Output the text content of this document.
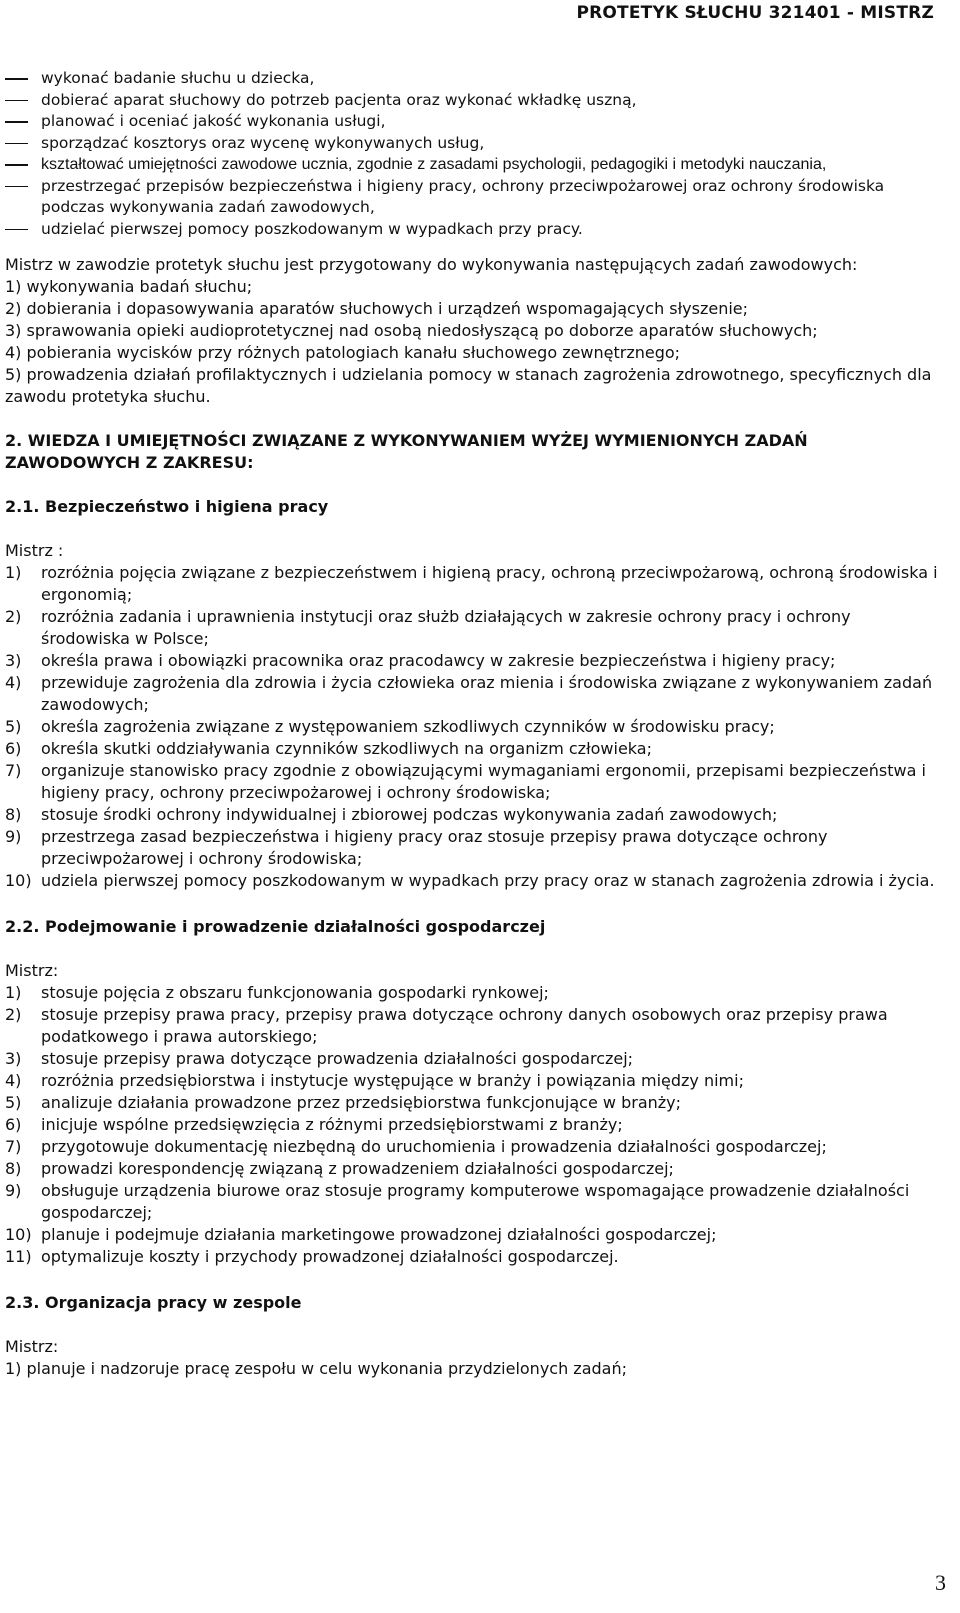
PROTETYK SŁUCHU 321401 - MISTRZ
wykonać badanie słuchu u dziecka,
dobierać aparat słuchowy do potrzeb pacjenta oraz wykonać wkładkę uszną,
planować i oceniać jakość wykonania usługi,
sporządzać kosztorys oraz wycenę wykonywanych usług,
kształtować umiejętności zawodowe ucznia, zgodnie z zasadami psychologii, pedagogiki i metodyki nauczania,
przestrzegać przepisów bezpieczeństwa i higieny pracy, ochrony przeciwpożarowej oraz ochrony środowiska podczas wykonywania zadań zawodowych,
udzielać pierwszej pomocy poszkodowanym w wypadkach przy pracy.

Mistrz w zawodzie protetyk słuchu jest przygotowany do wykonywania następujących zadań zawodowych:

1) wykonywania badań słuchu;
2) dobierania i dopasowywania aparatów słuchowych i urządzeń wspomagających słyszenie;
3) sprawowania opieki audioprotetycznej nad osobą niedosłyszącą po doborze aparatów słuchowych;
4) pobierania wycisków przy różnych patologiach kanału słuchowego zewnętrznego;
5) prowadzenia działań profilaktycznych i udzielania pomocy w stanach zagrożenia zdrowotnego, specyficznych dla zawodu protetyka słuchu.
2. WIEDZA I UMIEJĘTNOŚCI ZWIĄZANE Z WYKONYWANIEM WYŻEJ WYMIENIONYCH ZADAŃ ZAWODOWYCH Z ZAKRESU:
2.1. Bezpieczeństwo i higiena pracy

Mistrz :

1) rozróżnia pojęcia związane z bezpieczeństwem i higieną pracy, ochroną przeciwpożarową, ochroną środowiska i ergonomią;
2) rozróżnia zadania i uprawnienia instytucji oraz służb działających w zakresie ochrony pracy i ochrony środowiska w Polsce;
3) określa prawa i obowiązki pracownika oraz pracodawcy w zakresie bezpieczeństwa i higieny pracy;
4) przewiduje zagrożenia dla zdrowia i życia człowieka oraz mienia i środowiska związane z wykonywaniem zadań zawodowych;
5) określa zagrożenia związane z występowaniem szkodliwych czynników w środowisku pracy;
6) określa skutki oddziaływania czynników szkodliwych na organizm człowieka;
7) organizuje stanowisko pracy zgodnie z obowiązującymi wymaganiami ergonomii, przepisami bezpieczeństwa i higieny pracy, ochrony przeciwpożarowej i ochrony środowiska;
8) stosuje środki ochrony indywidualnej i zbiorowej podczas wykonywania zadań zawodowych;
9) przestrzega zasad bezpieczeństwa i higieny pracy oraz stosuje przepisy prawa dotyczące ochrony przeciwpożarowej i ochrony środowiska;
10) udziela pierwszej pomocy poszkodowanym w wypadkach przy pracy oraz w stanach zagrożenia zdrowia i życia.
2.2. Podejmowanie i prowadzenie działalności gospodarczej

Mistrz:

1) stosuje pojęcia z obszaru funkcjonowania gospodarki rynkowej;
2) stosuje przepisy prawa pracy, przepisy prawa dotyczące ochrony danych osobowych oraz przepisy prawa podatkowego i prawa autorskiego;
3) stosuje przepisy prawa dotyczące prowadzenia działalności gospodarczej;
4) rozróżnia przedsiębiorstwa i instytucje występujące w branży i powiązania między nimi;
5) analizuje działania prowadzone przez przedsiębiorstwa funkcjonujące w branży;
6) inicjuje wspólne przedsięwzięcia z różnymi przedsiębiorstwami z branży;
7) przygotowuje dokumentację niezbędną do uruchomienia i prowadzenia działalności gospodarczej;
8) prowadzi korespondencję związaną z prowadzeniem działalności gospodarczej;
9) obsługuje urządzenia biurowe oraz stosuje programy komputerowe wspomagające prowadzenie działalności gospodarczej;
10) planuje i podejmuje działania marketingowe prowadzonej działalności gospodarczej;
11) optymalizuje koszty i przychody prowadzonej działalności gospodarczej.
2.3. Organizacja pracy w zespole

Mistrz:

1) planuje i nadzoruje pracę zespołu w celu wykonania przydzielonych zadań;
3
